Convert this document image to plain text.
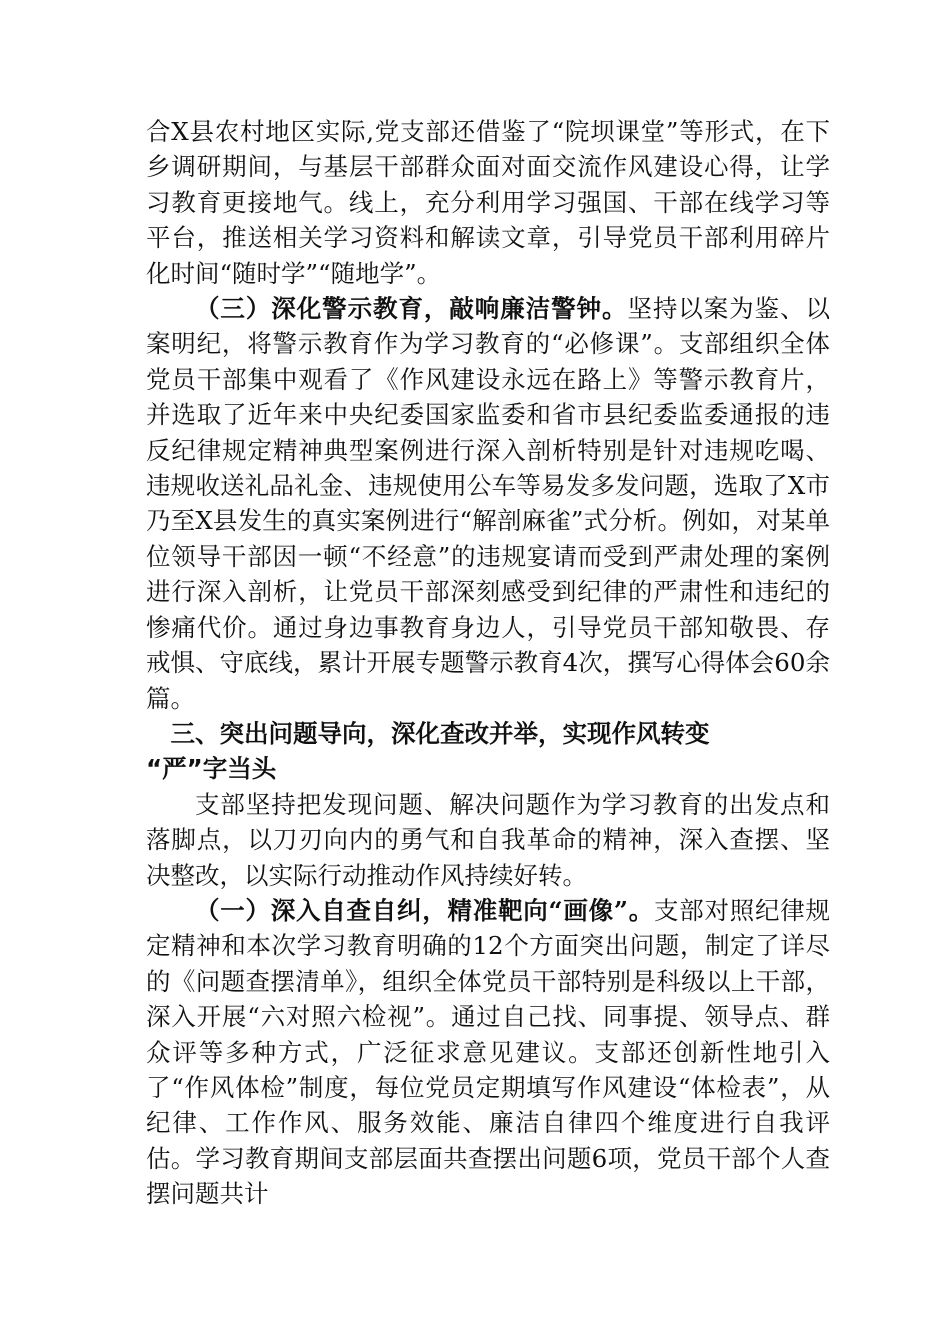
合X县农村地区实际,党支部还借鉴了“院坝课堂”等形式，在下乡调研期间，与基层干部群众面对面交流作风建设心得，让学习教育更接地气。线上，充分利用学习强国、干部在线学习等平台，推送相关学习资料和解读文章，引导党员干部利用碎片化时间“随时学”“随地学”。

（三）深化警示教育，敲响廉洁警钟。坚持以案为鉴、以案明纪，将警示教育作为学习教育的“必修课”。支部组织全体党员干部集中观看了《作风建设永远在路上》等警示教育片，并选取了近年来中央纪委国家监委和省市县纪委监委通报的违反纪律规定精神典型案例进行深入剖析特别是针对违规吃喝、违规收送礼品礼金、违规使用公车等易发多发问题，选取了X市乃至X县发生的真实案例进行“解剖麻雀”式分析。例如，对某单位领导干部因一顿“不经意”的违规宴请而受到严肃处理的案例进行深入剖析，让党员干部深刻感受到纪律的严肃性和违纪的惨痛代价。通过身边事教育身边人，引导党员干部知敬畏、存戒惧、守底线，累计开展专题警示教育4次，撰写心得体会60余篇。

三、突出问题导向，深化查改并举，实现作风转变

“严”字当头

支部坚持把发现问题、解决问题作为学习教育的出发点和落脚点，以刀刃向内的勇气和自我革命的精神，深入查摆、坚决整改，以实际行动推动作风持续好转。

（一）深入自查自纠，精准靶向“画像”。支部对照纪律规定精神和本次学习教育明确的12个方面突出问题，制定了详尽的《问题查摆清单》，组织全体党员干部特别是科级以上干部，深入开展“六对照六检视”。通过自己找、同事提、领导点、群众评等多种方式，广泛征求意见建议。支部还创新性地引入了“作风体检”制度，每位党员定期填写作风建设“体检表”，从纪律、工作作风、服务效能、廉洁自律四个维度进行自我评估。学习教育期间支部层面共查摆出问题6项，党员干部个人查摆问题共计
